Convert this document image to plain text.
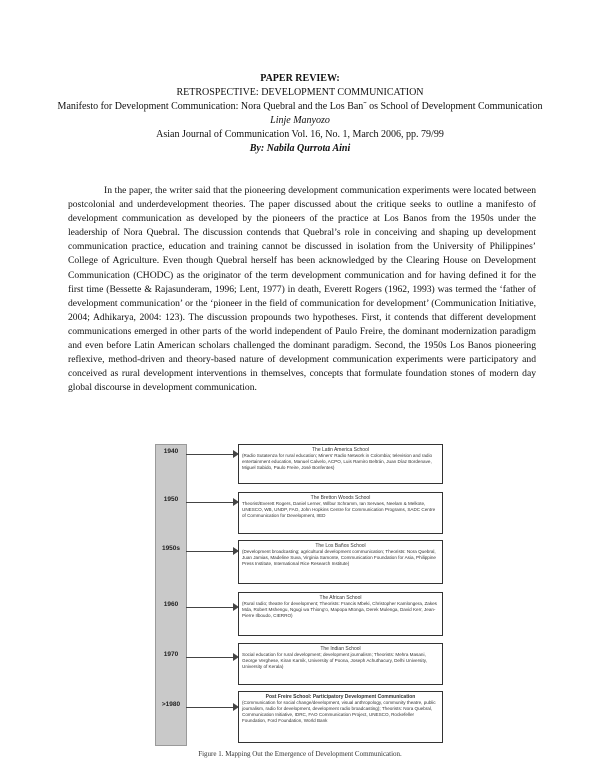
PAPER REVIEW:
RETROSPECTIVE: DEVELOPMENT COMMUNICATION
Manifesto for Development Communication: Nora Quebral and the Los Ban˜ os School of Development Communication
Linje Manyozo
Asian Journal of Communication Vol. 16, No. 1, March 2006, pp. 79/99
By: Nabila Qurrota Aini

In the paper, the writer said that the pioneering development communication experiments were located between postcolonial and underdevelopment theories. The paper discussed about the critique seeks to outline a manifesto of development communication as developed by the pioneers of the practice at Los Banos from the 1950s under the leadership of Nora Quebral. The discussion contends that Quebral’s role in conceiving and shaping up development communication practice, education and training cannot be discussed in isolation from the University of Philippines’ College of Agriculture. Even though Quebral herself has been acknowledged by the Clearing House on Development Communication (CHODC) as the originator of the term development communication and for having defined it for the first time (Bessette & Rajasunderam, 1996; Lent, 1977) in death, Everett Rogers (1962, 1993) was termed the ‘father of development communication’ or the ‘pioneer in the field of communication for development’ (Communication Initiative, 2004; Adhikarya, 2004: 123). The discussion propounds two hypotheses. First, it contends that different development communications emerged in other parts of the world independent of Paulo Freire, the dominant modernization paradigm and even before Latin American scholars challenged the dominant paradigm. Second, the 1950s Los Banos pioneering reflexive, method-driven and theory-based nature of development communication experiments were participatory and conceived as rural development interventions in themselves, concepts that formulate foundation stones of modern day global discourse in development communication.

1940
1950
1950s
1960
1970
>1980
The Latin America School
(Radio Sutatenza for rural education; Miners’ Radio Network in Colombia; television and radio entertainment education, Manuel Calvelo, ACPO, Luis Ramiro Beltrán, Juan Díaz Bordenave, Miguel Sabido, Paulo Freire, José Bonfentes)
The Bretton Woods School
Theorist/Everett Rogers, Daniel Lerner, Wilbur Schramm, Ian Servaes, Neelam & Melkote, UNESCO, WB, UNDP, FAO, John Hopkins Centre for Communication Programs, SADC Centre of Communication for Development, IIED
The Los Baños School
(Development broadcasting; agricultural development communication; Theorists: Nora Quebral, Juan Jamias, Madeline Suva, Virginia Samonte, Communication Foundation for Asia, Philippine Press Institute, International Rice Research Institute)
The African School
(Rural radio; theatre for development; Theorists: Francis Mbeki, Christopher Kamlongera, Zakes Mda, Robert Mshengu, Ngugi wa Thiong’o, Mapopa Mtonga, Derek Mulenga, David Kerr, Jean-Pierre Ilboudo, CIERRO)
The Indian School
Social education for rural development; development journalism; Theorists: Mehra Masani, George Verghese, Kiran Karnik, University of Poona, Joseph Achuthacury, Delhi University, University of Kerala)
Post Freire School: Participatory Development Communication
(Communication for social change/development, visual anthropology, community theatre, public journalism, radio for development, development radio broadcasting); Theorists: Nora Quebral, Communication Initiative, IDRC, FAO Communication Project, UNESCO, Rockefeller Foundation, Ford Foundation, World Bank
Figure 1. Mapping Out the Emergence of Development Communication.
